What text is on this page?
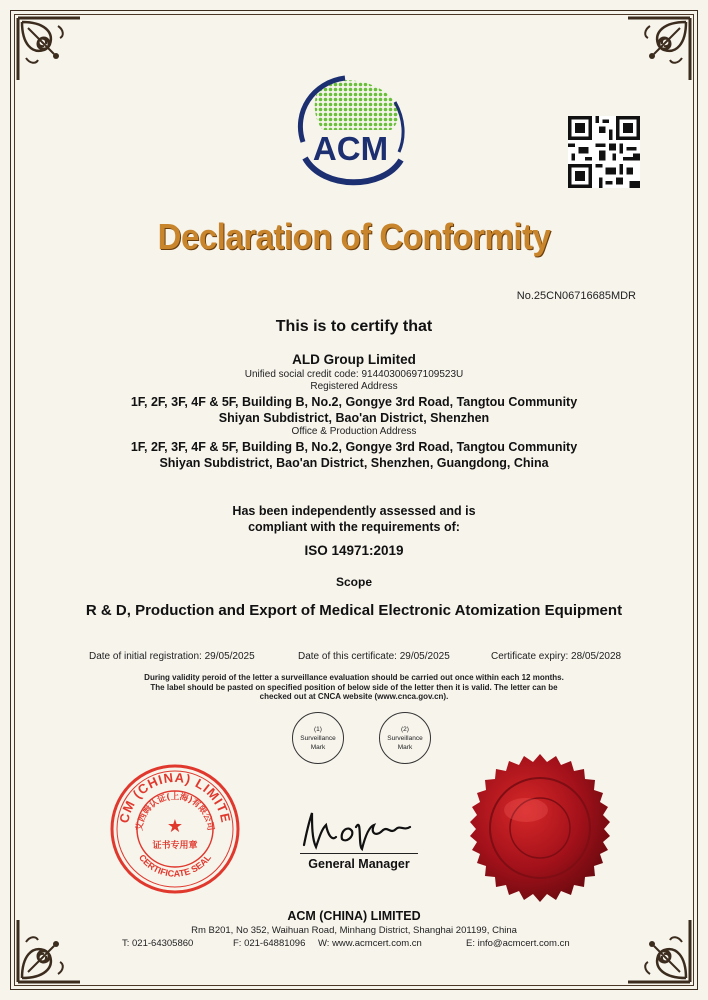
ACM
Declaration of Conformity
No.25CN06716685MDR
This is to certify that
ALD Group Limited
Unified social credit code: 91440300697109523U
Registered Address
1F, 2F, 3F, 4F & 5F, Building B, No.2, Gongye 3rd Road, Tangtou Community
Shiyan Subdistrict, Bao'an District, Shenzhen
Office & Production Address
1F, 2F, 3F, 4F & 5F, Building B, No.2, Gongye 3rd Road, Tangtou Community
Shiyan Subdistrict, Bao'an District, Shenzhen, Guangdong, China
Has been independently assessed and is
compliant with the requirements of:
ISO 14971:2019
Scope
R & D, Production and Export of Medical Electronic Atomization Equipment
Date of initial registration: 29/05/2025	Date of this certificate: 29/05/2025	Certificate expiry: 28/05/2028
During validity peroid of the letter a surveillance evaluation should be carried out once within each 12 months.
The label should be pasted on specified position of below side of the letter then it is valid. The letter can be
checked out at CNCA website (www.cnca.gov.cn).
(1)
Surveillance
Mark
(2)
Surveillance
Mark
CM (CHINA) LIMITE
艾西姆认证(上海)有限公司
★
证书专用章
CERTIFICATE SEAL	General Manager
ACM (CHINA) LIMITED
Rm B201, No 352, Waihuan Road, Minhang District, Shanghai 201199, China
T: 021-64305860	F: 021-64881096 W: www.acmcert.com.cn	E: info@acmcert.com.cn
